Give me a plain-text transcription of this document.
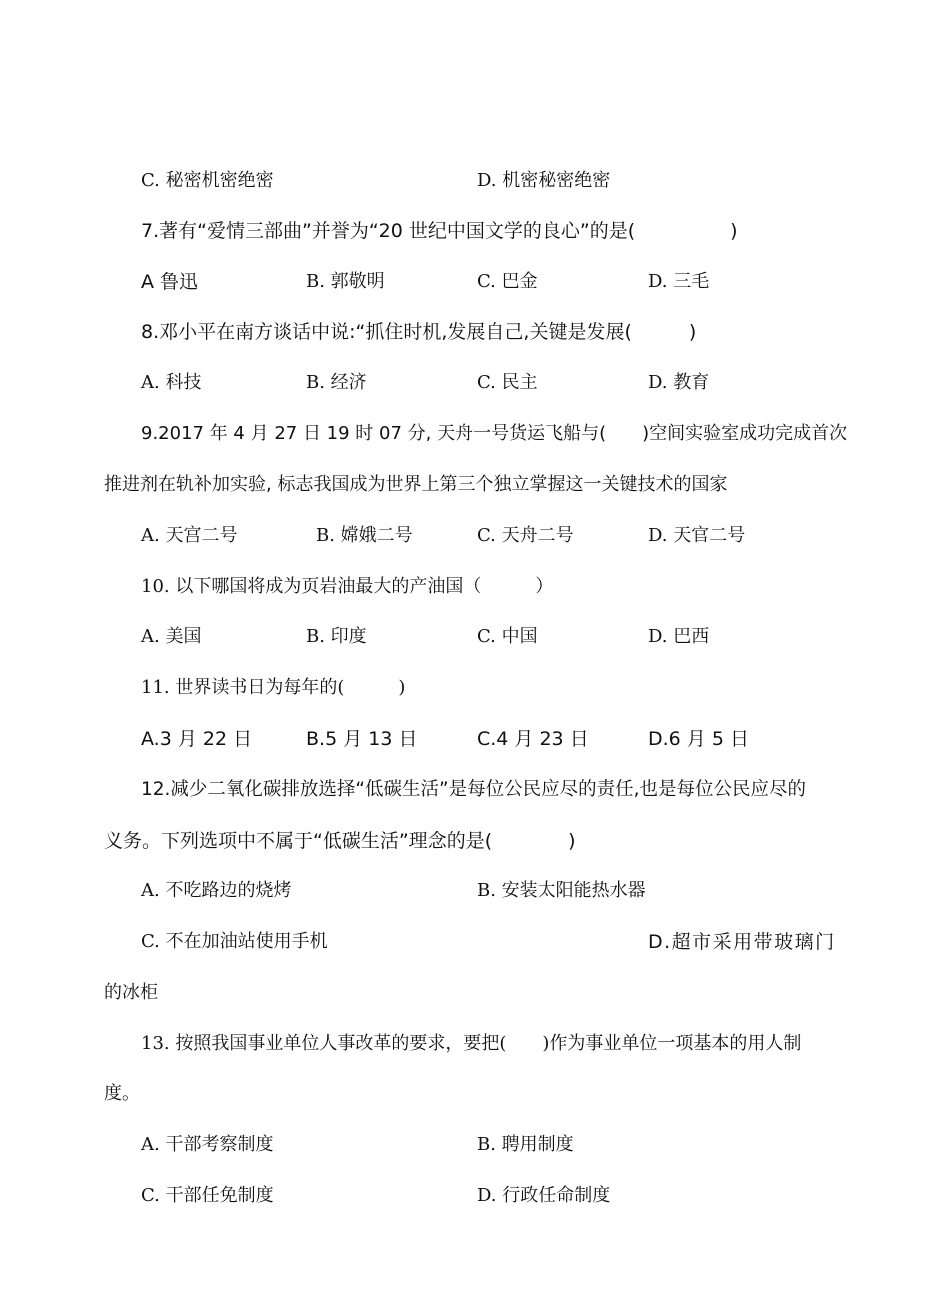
C. 秘密机密绝密	D. 机密秘密绝密
7.著有“爱情三部曲”并誉为“20 世纪中国文学的良心”的是(　　　　　)
A 鲁迅	B. 郭敬明	C. 巴金	D. 三毛
8.邓小平在南方谈话中说:“抓住时机,发展自己,关键是发展(　　　)
A. 科技	B. 经济	C. 民主	D. 教育
9.2017 年 4 月 27 日 19 时 07 分, 天舟一号货运飞船与(　　)空间实验室成功完成首次
推进剂在轨补加实验, 标志我国成为世界上第三个独立掌握这一关键技术的国家
A. 天宫二号	B. 嫦娥二号	C. 天舟二号	D. 天官二号
10. 以下哪国将成为页岩油最大的产油国（　　　）
A. 美国	B. 印度	C. 中国	D. 巴西
11. 世界读书日为每年的(　　　)
A.3 月 22 日	B.5 月 13 日	C.4 月 23 日	D.6 月 5 日
12.减少二氧化碳排放选择“低碳生活”是每位公民应尽的责任,也是每位公民应尽的
义务。下列选项中不属于“低碳生活”理念的是(　　　　)
A. 不吃路边的烧烤	B. 安装太阳能热水器
C. 不在加油站使用手机	D.超市采用带玻璃门
的冰柜
13. 按照我国事业单位人事改革的要求，要把(　　)作为事业单位一项基本的用人制
度。
A. 干部考察制度	B. 聘用制度
C. 干部任免制度	D. 行政任命制度
